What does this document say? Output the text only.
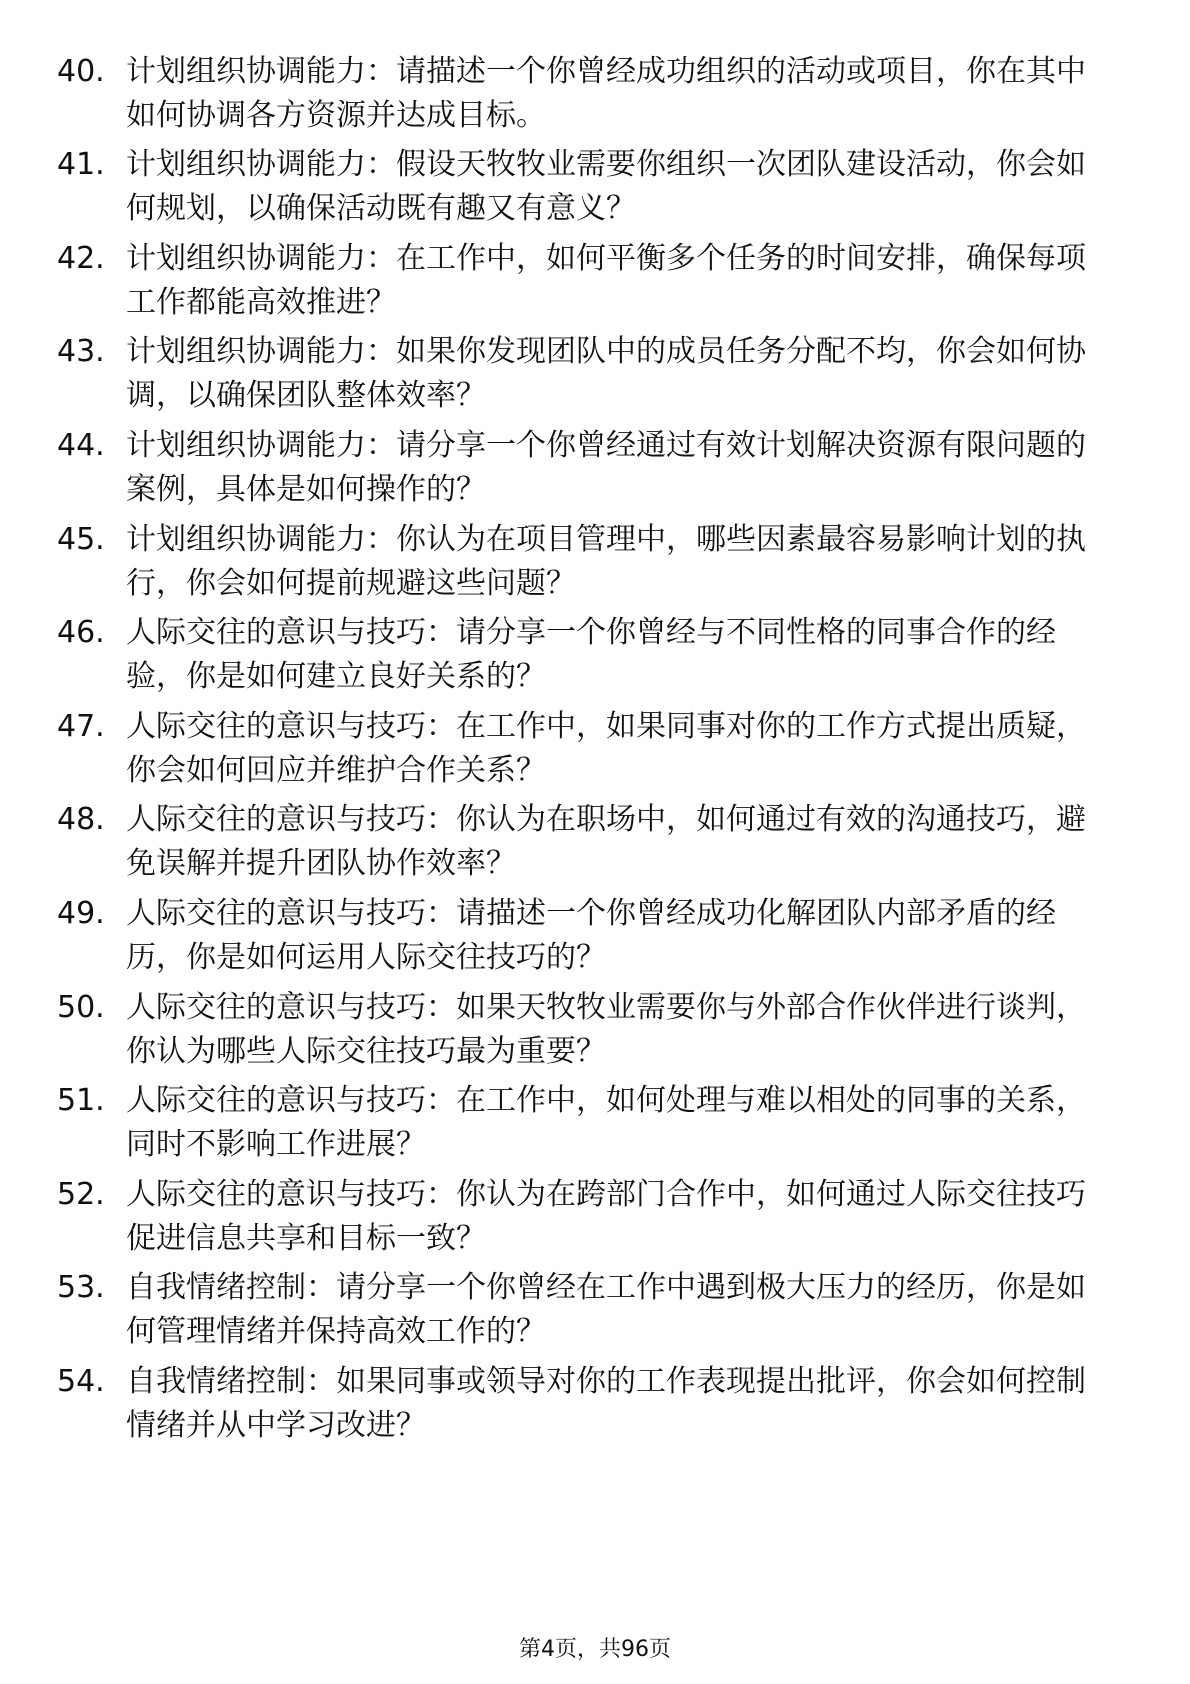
40. 计划组织协调能力：请描述一个你曾经成功组织的活动或项目，你在其中如何协调各方资源并达成目标。
41. 计划组织协调能力：假设天牧牧业需要你组织一次团队建设活动，你会如何规划，以确保活动既有趣又有意义？
42. 计划组织协调能力：在工作中，如何平衡多个任务的时间安排，确保每项工作都能高效推进？
43. 计划组织协调能力：如果你发现团队中的成员任务分配不均，你会如何协调，以确保团队整体效率？
44. 计划组织协调能力：请分享一个你曾经通过有效计划解决资源有限问题的案例，具体是如何操作的？
45. 计划组织协调能力：你认为在项目管理中，哪些因素最容易影响计划的执行，你会如何提前规避这些问题？
46. 人际交往的意识与技巧：请分享一个你曾经与不同性格的同事合作的经验，你是如何建立良好关系的？
47. 人际交往的意识与技巧：在工作中，如果同事对你的工作方式提出质疑，你会如何回应并维护合作关系？
48. 人际交往的意识与技巧：你认为在职场中，如何通过有效的沟通技巧，避免误解并提升团队协作效率？
49. 人际交往的意识与技巧：请描述一个你曾经成功化解团队内部矛盾的经历，你是如何运用人际交往技巧的？
50. 人际交往的意识与技巧：如果天牧牧业需要你与外部合作伙伴进行谈判，你认为哪些人际交往技巧最为重要？
51. 人际交往的意识与技巧：在工作中，如何处理与难以相处的同事的关系，同时不影响工作进展？
52. 人际交往的意识与技巧：你认为在跨部门合作中，如何通过人际交往技巧促进信息共享和目标一致？
53. 自我情绪控制：请分享一个你曾经在工作中遇到极大压力的经历，你是如何管理情绪并保持高效工作的？
54. 自我情绪控制：如果同事或领导对你的工作表现提出批评，你会如何控制情绪并从中学习改进？
第4页，共96页
